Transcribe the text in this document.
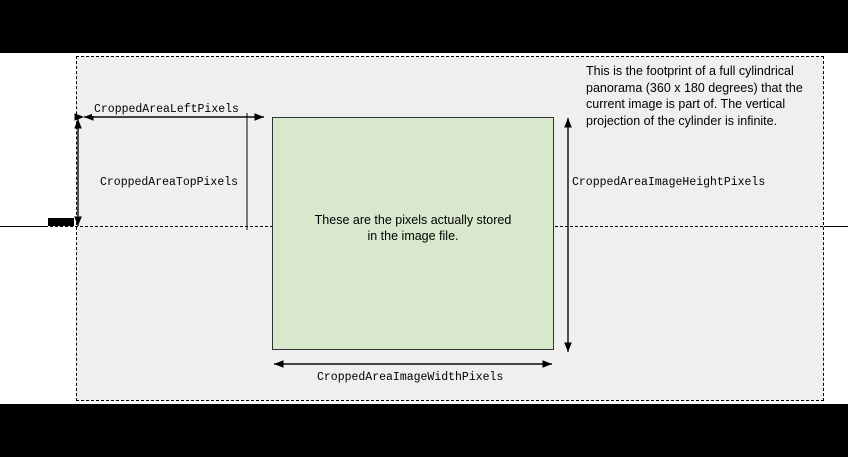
These are the pixels actually stored
in the image file.
CroppedAreaLeftPixels
CroppedAreaTopPixels	CroppedAreaImageHeightPixels
CroppedAreaImageWidthPixels
This is the footprint of a full cylindrical panorama (360 x 180 degrees) that the current image is part of. The vertical projection of the cylinder is infinite.
